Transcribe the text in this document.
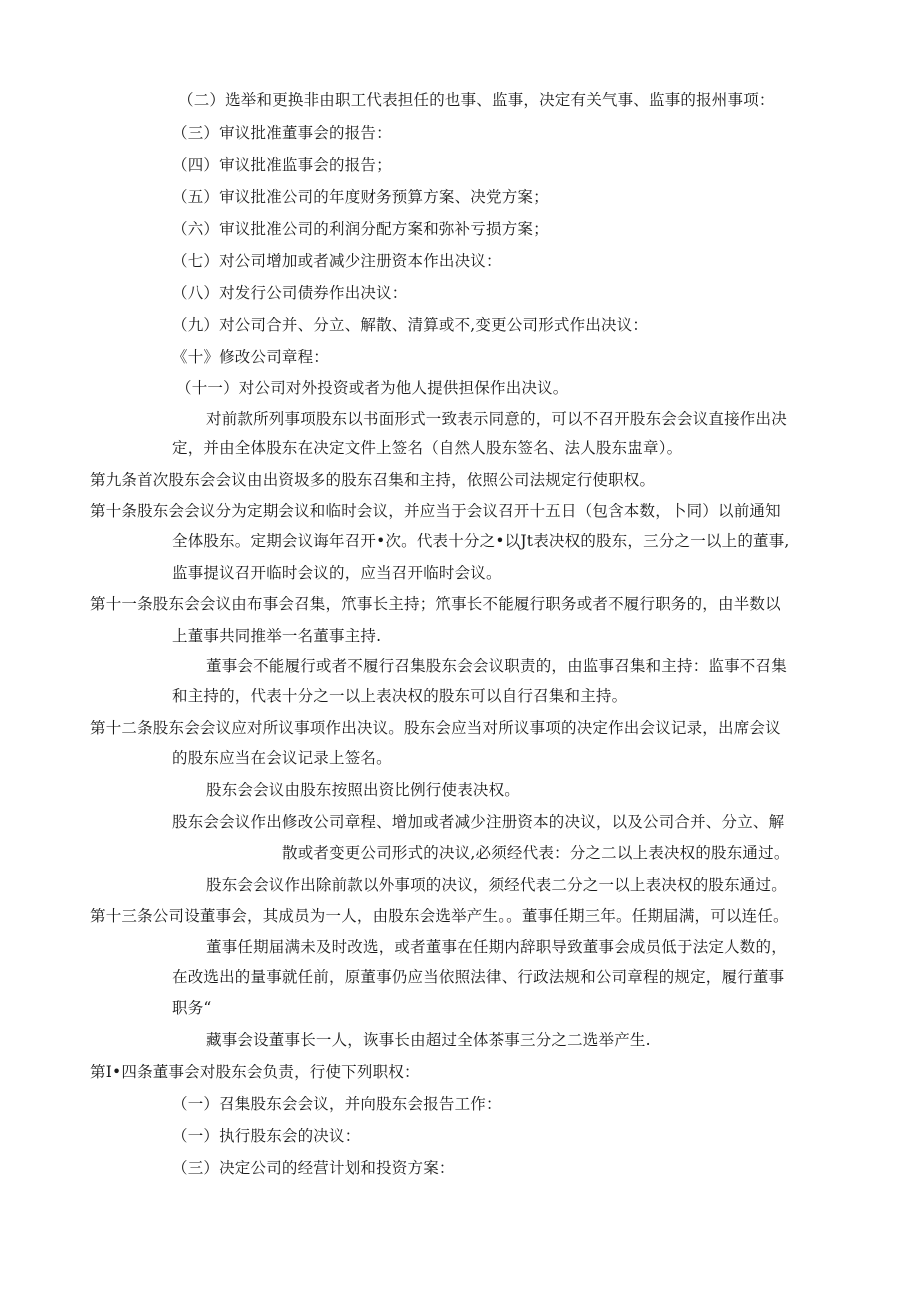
（二）选举和更换非由职工代表担任的也事、监事，决定有关气事、监事的报州事项：
（三）审议批准董事会的报告：
（四）审议批准监事会的报告；
（五）审议批准公司的年度财务预算方案、决党方案；
（六）审议批准公司的利润分配方案和弥补亏损方案；
（七）对公司增加或者减少注册资本作出决议：
（八）对发行公司债券作出决议：
（九）对公司合并、分立、解散、清算或不,变更公司形式作出决议：
《十》修改公司章程：
（十一）对公司对外投资或者为他人提供担保作出决议。
对前款所列事项股东以书面形式一致表示同意的，可以不召开股东会会议直接作出决
定，并由全体股东在决定文件上签名（自然人股东签名、法人股东盅章）。
第九条首次股东会会议由出资圾多的股东召集和主持，依照公司法规定行使职权。
第十条股东会会议分为定期会议和临时会议，并应当于会议召开十五日（包含本数，卜同）以前通知
全体股东。定期会议诲年召开•次。代表十分之•以Jt表决权的股东，三分之一以上的董事,
监事提议召开临时会议的，应当召开临时会议。
第十一条股东会会议由布事会召集，笊事长主持；笊事长不能履行职务或者不履行职务的，由半数以
上董事共同推举一名董事主持.
董事会不能履行或者不履行召集股东会会议职责的，由监事召集和主持：监事不召集
和主持的，代表十分之一以上表决权的股东可以自行召集和主持。
第十二条股东会会议应对所议事项作出决议。股东会应当对所议事项的决定作出会议记录，出席会议
的股东应当在会议记录上签名。
股东会会议由股东按照出资比例行使表决权。
股东会会议作出修改公司章程、增加或者减少注册资本的决议，以及公司合并、分立、解
散或者变更公司形式的决议,必须经代表：分之二以上表决权的股东通过。
股东会会议作出除前款以外事项的决议，须经代表二分之一以上表决权的股东通过。
第十三条公司设董事会，其成员为一人，由股东会选举产生。。董事任期三年。任期届满，可以连任。
董事任期届满未及时改选，或者董事在任期内辞职导致董事会成员低于法定人数的，
在改选出的量事就任前，原董事仍应当依照法律、行政法规和公司章程的规定，履行董事
职务“
藏事会设董事长一人，诙事长由超过全体茶事三分之二选举产生.
第I•四条董事会对股东会负责，行使下列职权：
（一）召集股东会会议，并向股东会报告工作：
（一）执行股东会的决议：
（三）决定公司的经营计划和投资方案：
